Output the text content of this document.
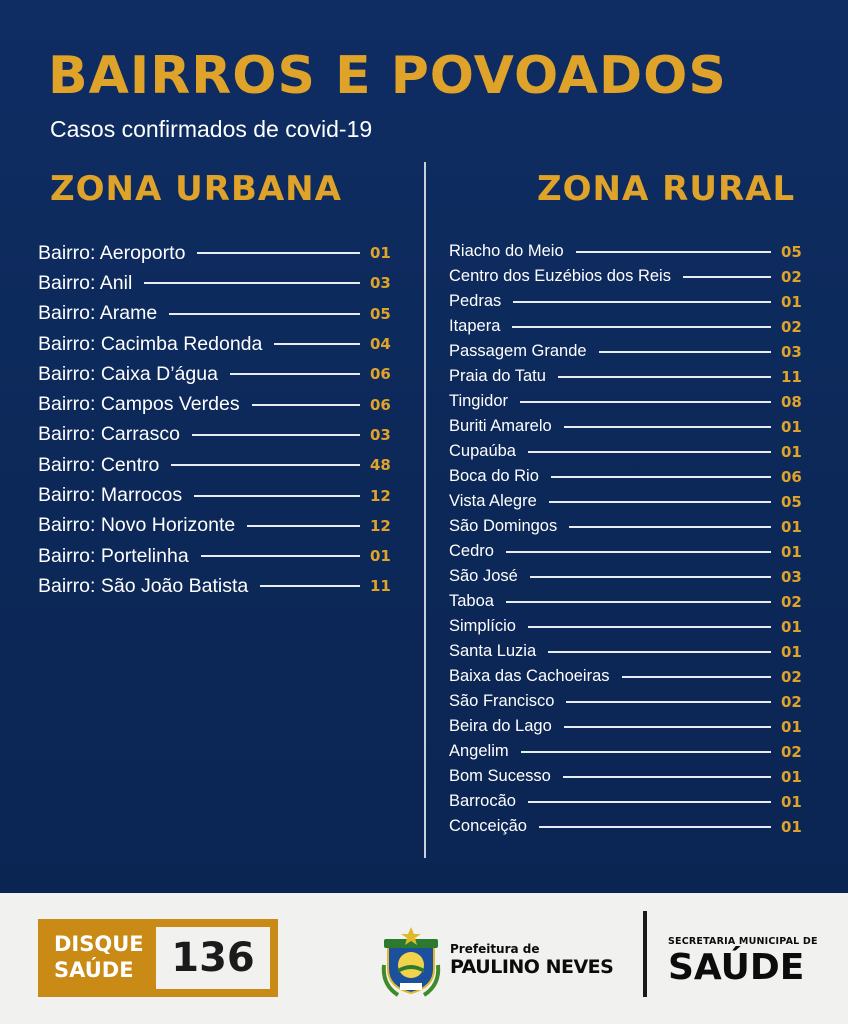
BAIRROS E POVOADOS
Casos confirmados de covid-19
ZONA URBANA	ZONA RURAL
Bairro: Aeroporto	01
Bairro: Anil	03
Bairro: Arame	05
Bairro: Cacimba Redonda	04
Bairro: Caixa D’água	06
Bairro: Campos Verdes	06
Bairro: Carrasco	03
Bairro: Centro	48
Bairro: Marrocos	12
Bairro: Novo Horizonte	12
Bairro: Portelinha	01
Bairro: São João Batista	11
Riacho do Meio	05
Centro dos Euzébios dos Reis	02
Pedras	01
Itapera	02
Passagem Grande	03
Praia do Tatu	11
Tingidor	08
Buriti Amarelo	01
Cupaúba	01
Boca do Rio	06
Vista Alegre	05
São Domingos	01
Cedro	01
São José	03
Taboa	02
Simplício	01
Santa Luzia	01
Baixa das Cachoeiras	02
São Francisco	02
Beira do Lago	01
Angelim	02
Bom Sucesso	01
Barrocão	01
Conceição	01
DISQUE
SAÚDE 136	Prefeitura de
PAULINO NEVES
SECRETARIA MUNICIPAL DE
SAÚDE
